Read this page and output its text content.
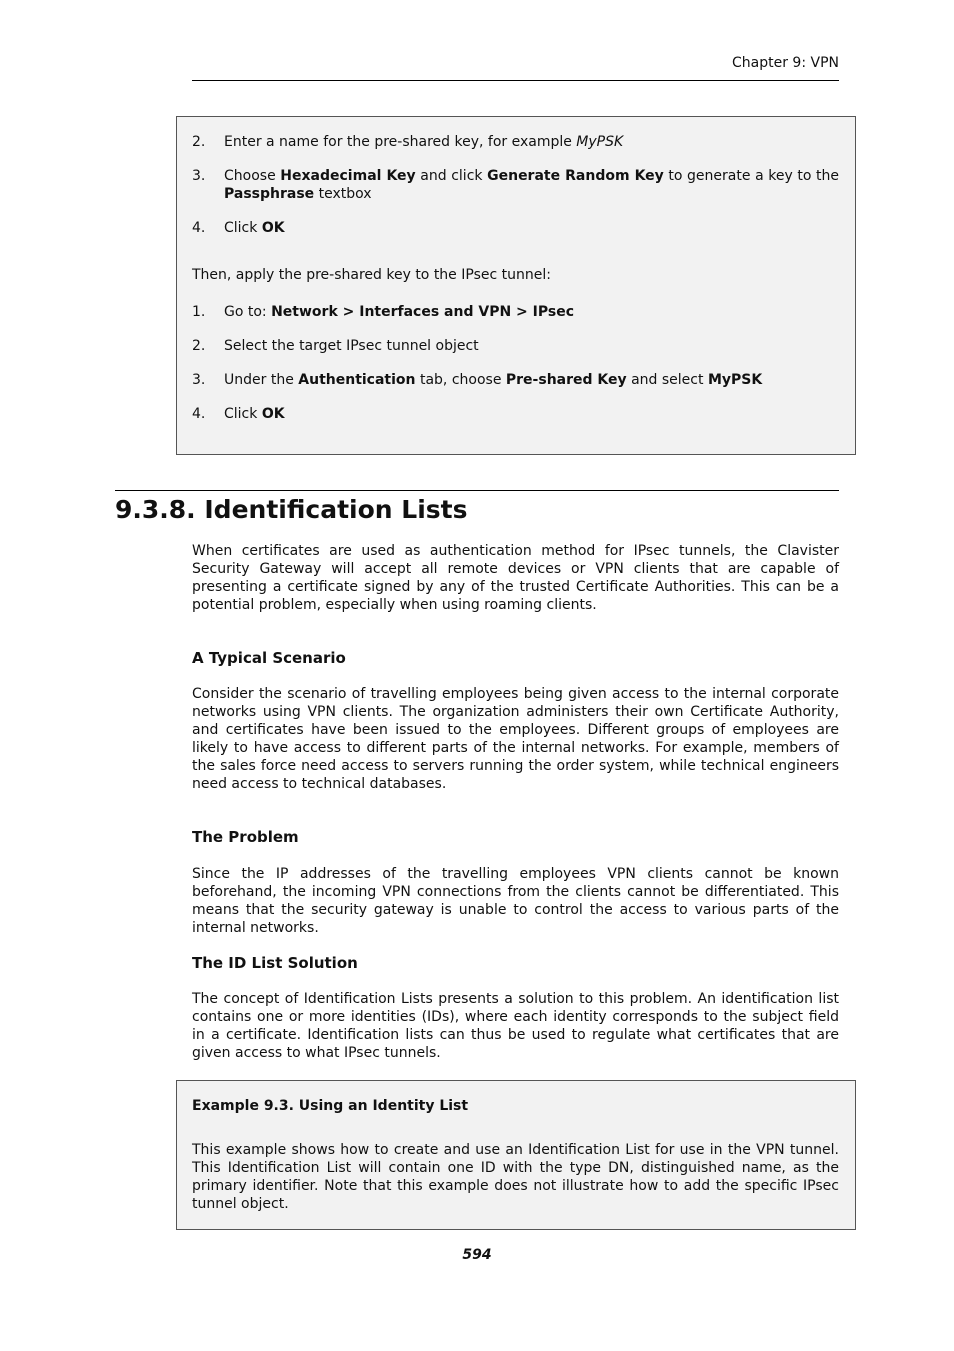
Chapter 9: VPN
2. Enter a name for the pre-shared key, for example MyPSK
3. Choose Hexadecimal Key and click Generate Random Key to generate a key to the Passphrase textbox
4. Click OK
Then, apply the pre-shared key to the IPsec tunnel:
1. Go to: Network > Interfaces and VPN > IPsec
2. Select the target IPsec tunnel object
3. Under the Authentication tab, choose Pre-shared Key and select MyPSK
4. Click OK
9.3.8. Identification Lists
When certificates are used as authentication method for IPsec tunnels, the Clavister Security Gateway will accept all remote devices or VPN clients that are capable of presenting a certificate signed by any of the trusted Certificate Authorities. This can be a potential problem, especially when using roaming clients.
A Typical Scenario
Consider the scenario of travelling employees being given access to the internal corporate networks using VPN clients. The organization administers their own Certificate Authority, and certificates have been issued to the employees. Different groups of employees are likely to have access to different parts of the internal networks. For example, members of the sales force need access to servers running the order system, while technical engineers need access to technical databases.
The Problem
Since the IP addresses of the travelling employees VPN clients cannot be known beforehand, the incoming VPN connections from the clients cannot be differentiated. This means that the security gateway is unable to control the access to various parts of the internal networks.
The ID List Solution
The concept of Identification Lists presents a solution to this problem. An identification list contains one or more identities (IDs), where each identity corresponds to the subject field in a certificate. Identification lists can thus be used to regulate what certificates that are given access to what IPsec tunnels.
Example 9.3. Using an Identity List
This example shows how to create and use an Identification List for use in the VPN tunnel. This Identification List will contain one ID with the type DN, distinguished name, as the primary identifier. Note that this example does not illustrate how to add the specific IPsec tunnel object.
594
